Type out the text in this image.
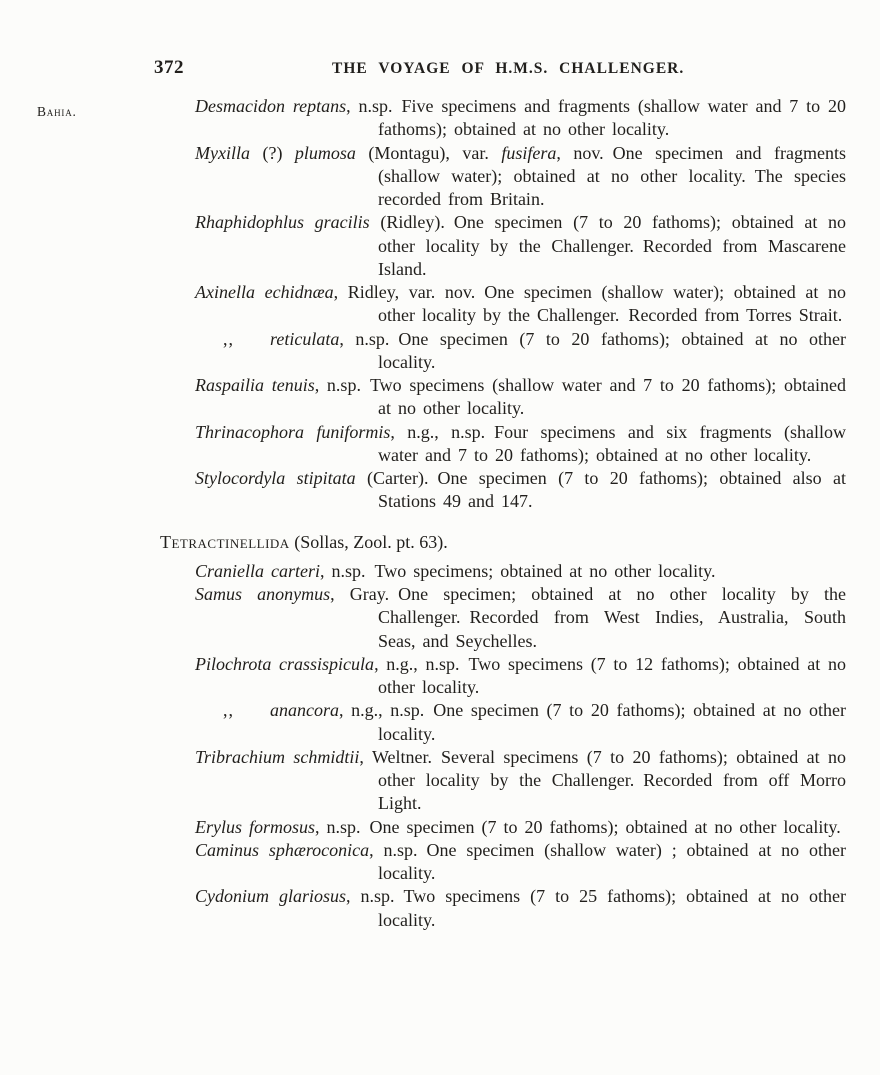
372	THE VOYAGE OF H.M.S. CHALLENGER.
Bahia.	Desmacidon reptans, n.sp. Five specimens and fragments (shallow water and 7 to 20 fathoms); obtained at no other locality.

Myxilla (?) plumosa (Montagu), var. fusifera, nov. One specimen and fragments (shallow water); obtained at no other locality. The species recorded from Britain.

Rhaphidophlus gracilis (Ridley). One specimen (7 to 20 fathoms); obtained at no other locality by the Challenger. Recorded from Mascarene Island.

Axinella echidnæa, Ridley, var. nov. One specimen (shallow water); obtained at no other locality by the Challenger. Recorded from Torres Strait.

,, reticulata, n.sp. One specimen (7 to 20 fathoms); obtained at no other locality.

Raspailia tenuis, n.sp. Two specimens (shallow water and 7 to 20 fathoms); obtained at no other locality.

Thrinacophora funiformis, n.g., n.sp. Four specimens and six fragments (shallow water and 7 to 20 fathoms); obtained at no other locality.

Stylocordyla stipitata (Carter). One specimen (7 to 20 fathoms); obtained also at Stations 49 and 147.

Tetractinellida (Sollas, Zool. pt. 63).

Craniella carteri, n.sp. Two specimens; obtained at no other locality.

Samus anonymus, Gray. One specimen; obtained at no other locality by the Challenger. Recorded from West Indies, Australia, South Seas, and Seychelles.

Pilochrota crassispicula, n.g., n.sp. Two specimens (7 to 12 fathoms); obtained at no other locality.

,, anancora, n.g., n.sp. One specimen (7 to 20 fathoms); obtained at no other locality.

Tribrachium schmidtii, Weltner. Several specimens (7 to 20 fathoms); obtained at no other locality by the Challenger. Recorded from off Morro Light.

Erylus formosus, n.sp. One specimen (7 to 20 fathoms); obtained at no other locality.

Caminus sphæroconica, n.sp. One specimen (shallow water) ; obtained at no other locality.

Cydonium glariosus, n.sp. Two specimens (7 to 25 fathoms); obtained at no other locality.
